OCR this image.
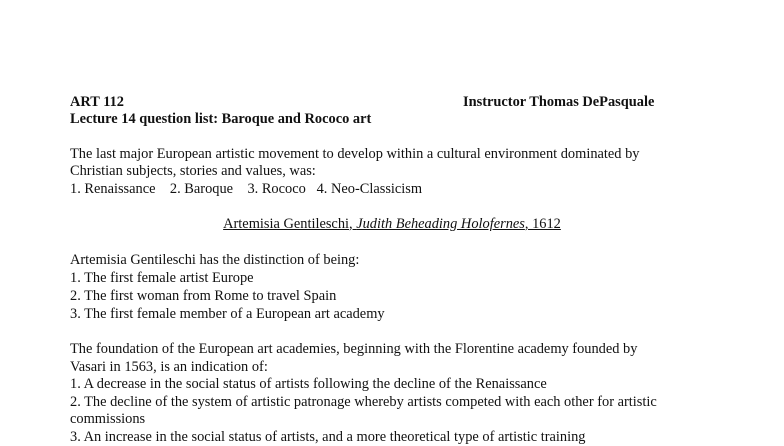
ART 112	Instructor Thomas DePasquale
Lecture 14 question list: Baroque and Rococo art
The last major European artistic movement to develop within a cultural environment dominated by
Christian subjects, stories and values, was:
1. Renaissance    2. Baroque    3. Rococo   4. Neo-Classicism
Artemisia Gentileschi, Judith Beheading Holofernes, 1612
Artemisia Gentileschi has the distinction of being:
1. The first female artist Europe
2. The first woman from Rome to travel Spain
3. The first female member of a European art academy
The foundation of the European art academies, beginning with the Florentine academy founded by
Vasari in 1563, is an indication of:
1. A decrease in the social status of artists following the decline of the Renaissance
2. The decline of the system of artistic patronage whereby artists competed with each other for artistic
commissions
3. An increase in the social status of artists, and a more theoretical type of artistic training
